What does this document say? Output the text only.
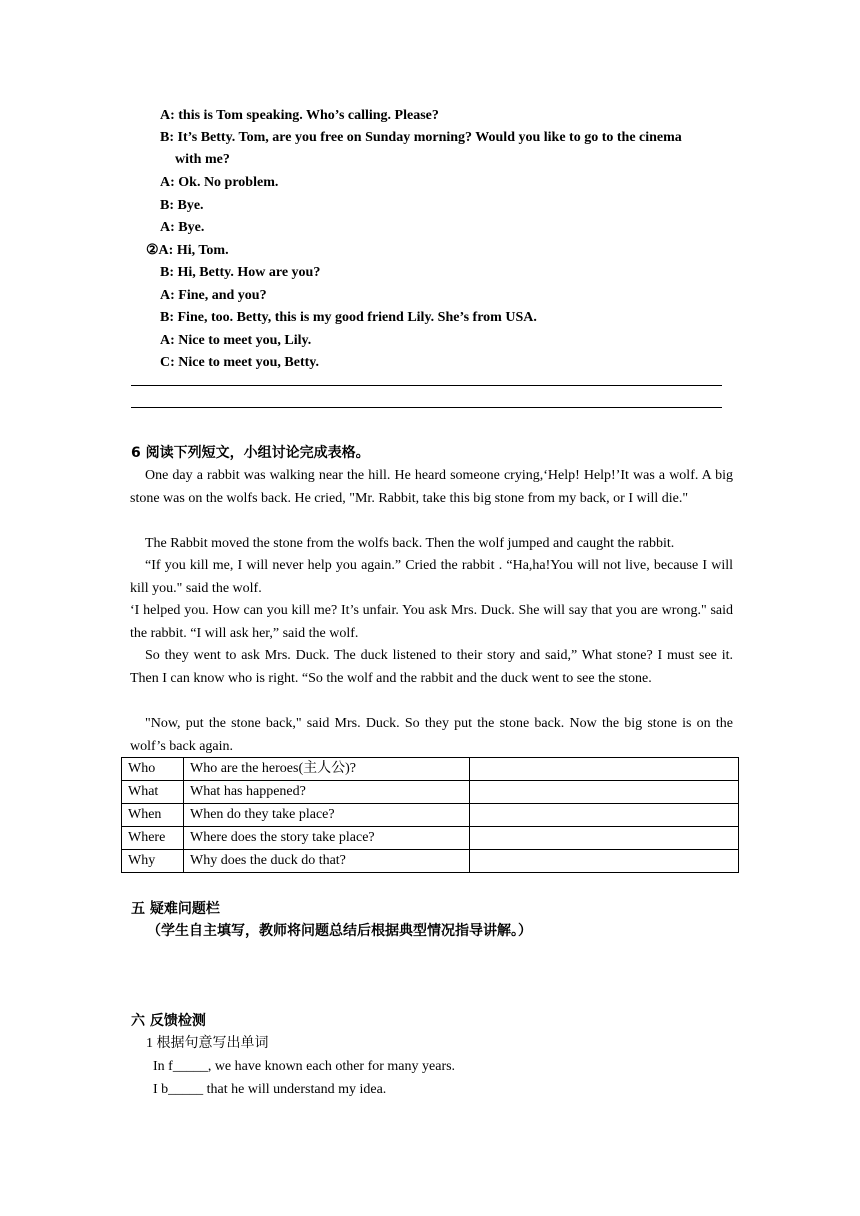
A: this is Tom speaking. Who’s calling. Please?
B: It’s Betty. Tom, are you free on Sunday morning? Would you like to go to the cinema
with me?
A: Ok. No problem.
B: Bye.
A: Bye.
②A: Hi, Tom.
B: Hi, Betty. How are you?
A: Fine, and you?
B: Fine, too. Betty, this is my good friend Lily. She’s from USA.
A: Nice to meet you, Lily.
C: Nice to meet you, Betty.
6 阅读下列短文，小组讨论完成表格。

One day a rabbit was walking near the hill. He heard someone crying,‘Help! Help!’It was a wolf. A big stone was on the wolfs back. He cried, "Mr. Rabbit, take this big stone from my back, or I will die."

The Rabbit moved the stone from the wolfs back. Then the wolf jumped and caught the rabbit.

“If you kill me, I will never help you again.” Cried the rabbit . “Ha,ha!You will not live, because I will kill you." said the wolf.

‘I helped you. How can you kill me? It’s unfair. You ask Mrs. Duck. She will say that you are wrong." said the rabbit. “I will ask her,” said the wolf.

So they went to ask Mrs. Duck. The duck listened to their story and said,” What stone? I must see it. Then I can know who is right. “So the wolf and the rabbit and the duck went to see the stone.

"Now, put the stone back," said Mrs. Duck. So they put the stone back. Now the big stone is on the wolf’s back again.

Who	Who are the heroes(主人公)?	
What	What has happened?	
When	When do they take place?	
Where	Where does the story take place?	
Why	Why does the duck do that?	
五 疑难问题栏
（学生自主填写，教师将问题总结后根据典型情况指导讲解。）
六 反馈检测
1 根据句意写出单词
In f_____, we have known each other for many years.
I b_____ that he will understand my idea.
